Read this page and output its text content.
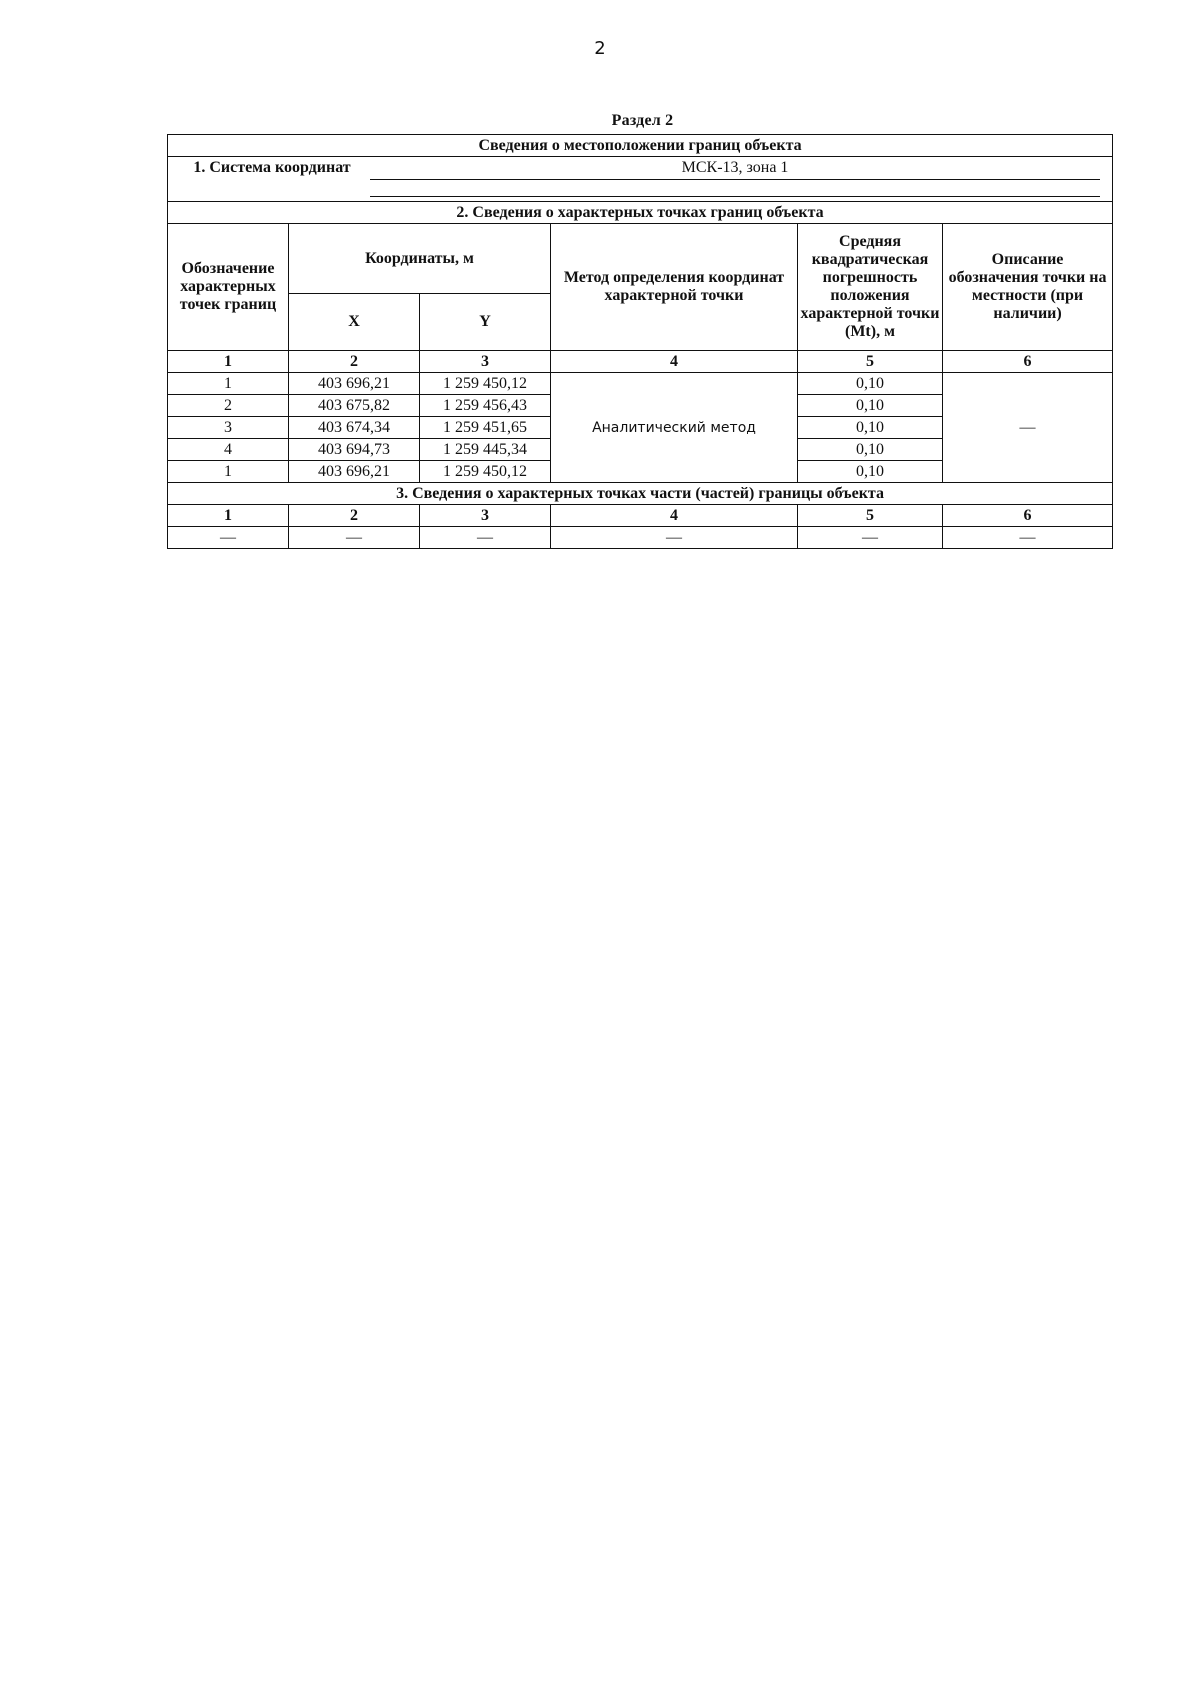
2
Раздел 2
Сведения о местоположении границ объекта					

1. Система координат МСК-13, зона 1					

2. Сведения о характерных точках границ объекта					
Обозначение характерных точек границ	Координаты, м		Метод определения координат характерной точки	Средняя квадратическая погрешность положения характерной точки (Mt), м	Описание обозначения точки на местности (при наличии)
	X	Y			
1	2	3	4	5	6
1	403 696,21	1 259 450,12	Аналитический метод	0,10	—
2	403 675,82	1 259 456,43		0,10	
3	403 674,34	1 259 451,65		0,10	
4	403 694,73	1 259 445,34		0,10	
1	403 696,21	1 259 450,12		0,10	
3. Сведения о характерных точках части (частей) границы объекта					
1	2	3	4	5	6
—	—	—	—	—	—
